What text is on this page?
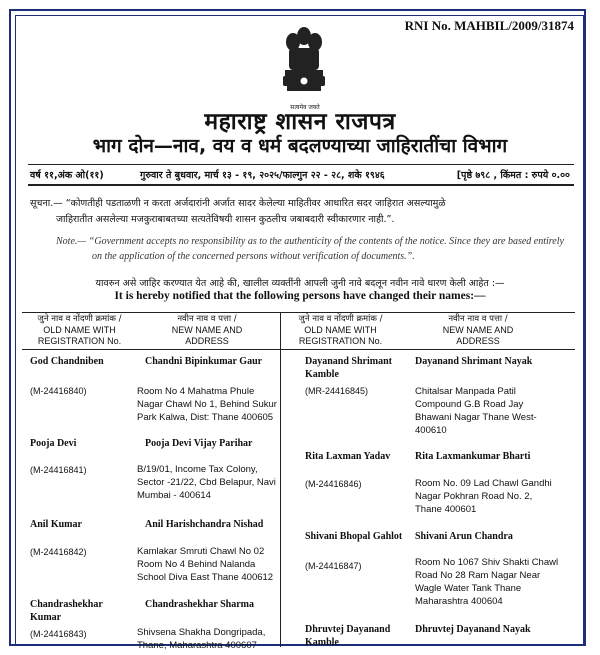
RNI No. MAHBIL/2009/31874
सत्यमेव जयते
महाराष्ट्र शासन राजपत्र
भाग दोन—नाव, वय व धर्म बदलण्याच्या जाहिरातींचा विभाग
वर्ष ११,अंक ओ(११)	गुरुवार ते बुधवार, मार्च १३ - १९, २०२५/फाल्गुन २२ - २८, शके १९४६	[पृष्ठे ७९८ , किंमत : रुपये ०.००
सूचना.— “कोणतीही पडताळणी न करता अर्जदारांनी अर्जात सादर केलेल्या माहितीवर आधारित सदर जाहिरात असल्यामुळे
जाहिरातीत असलेल्या मजकुराबाबतच्या सत्यतेविषयी शासन कुठलीच जबाबदारी स्वीकारणार नाही.”.
Note.— “Government accepts no responsibility as to the authenticity of the contents of the notice. Since they are based entirely
on the application of the concerned persons without verification of documents.”.
यावरुन असे जाहिर करण्यात येत आहे की, खालील व्यक्तींनी आपली जुनी नावे बदलून नवीन नावे धारण केली आहेत :—
It is hereby notified that the following persons have changed their names:—
जुने नाव व नोंदणी क्रमांक /
OLD NAME WITH
REGISTRATION No.
नवीन नाव व पत्ता /
NEW NAME AND
ADDRESS
जुने नाव व नोंदणी क्रमांक /
OLD NAME WITH
REGISTRATION No.
नवीन नाव व पत्ता /
NEW NAME AND
ADDRESS
God Chandniben
(M-24416840)
Chandni Bipinkumar Gaur
Room No 4 Mahatma Phule Nagar Chawl No 1, Behind Sukur Park Kalwa, Dist: Thane 400605
Pooja Devi
(M-24416841)
Pooja Devi Vijay Parihar
B/19/01, Income Tax Colony, Sector -21/22, Cbd Belapur, Navi Mumbai - 400614
Anil Kumar
(M-24416842)
Anil Harishchandra Nishad
Kamlakar Smruti Chawl No 02 Room No 4 Behind Nalanda School Diva East Thane 400612
Chandrashekhar Kumar
(M-24416843)
Chandrashekhar Sharma
Shivsena Shakha Dongripada, Thane, Maharashtra 400607
Dayanand Shrimant Kamble
(MR-24416845)
Dayanand Shrimant Nayak
Chitalsar Manpada Patil Compound G.B Road Jay Bhawani Nagar Thane West-400610
Rita Laxman Yadav
(M-24416846)
Rita Laxmankumar Bharti
Room No. 09 Lad Chawl Gandhi Nagar Pokhran Road No. 2, Thane 400601
Shivani Bhopal Gahlot
(M-24416847)
Shivani Arun Chandra
Room No 1067 Shiv Shakti Chawl Road No 28 Ram Nagar Near Wagle Water Tank Thane Maharashtra 400604
Dhruvtej Dayanand Kamble
Dhruvtej Dayanand Nayak
